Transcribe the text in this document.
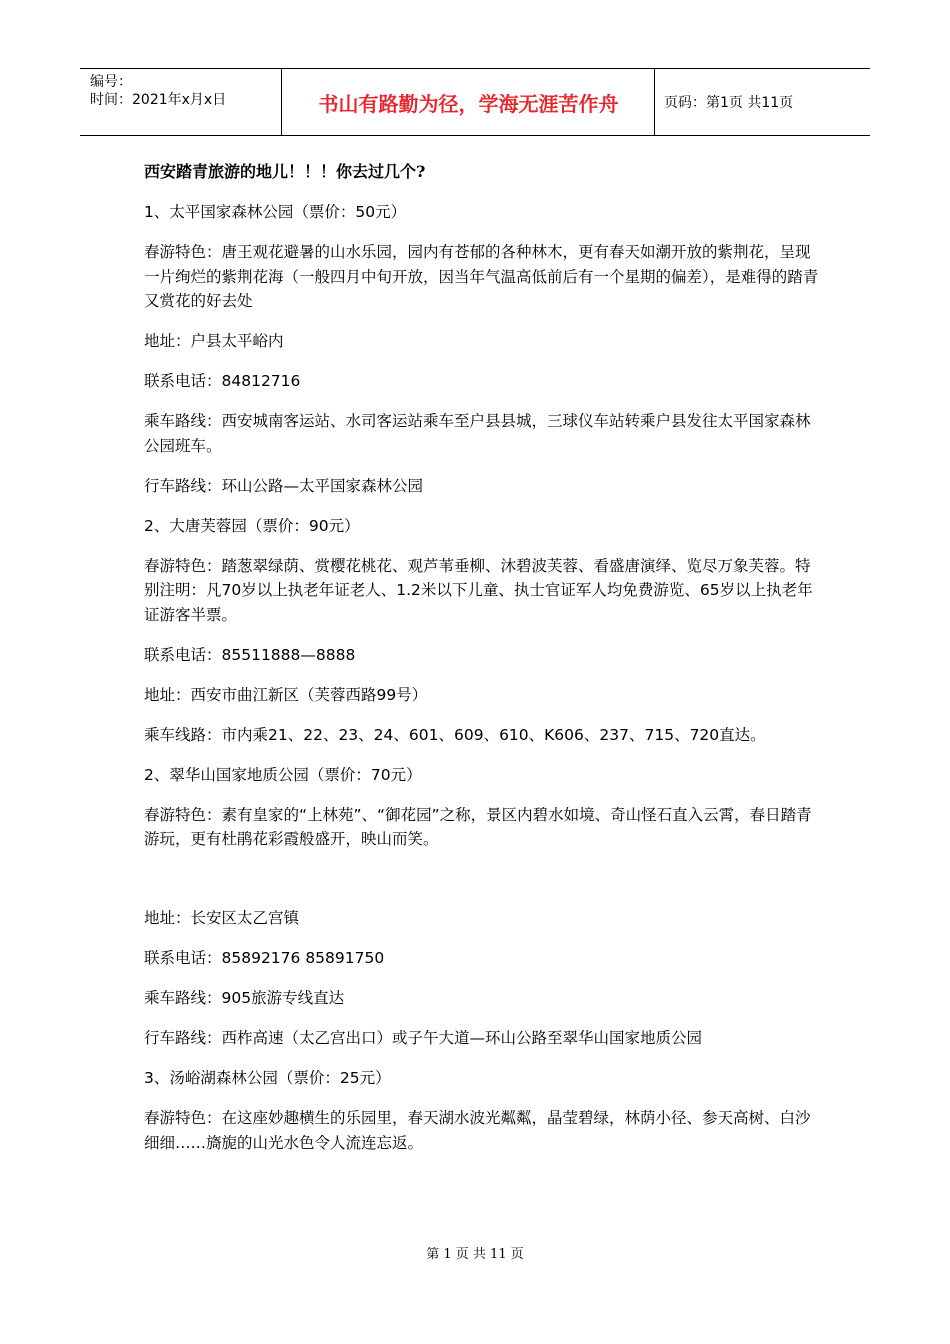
编号：
时间：2021年x月x日	书山有路勤为径，学海无涯苦作舟	页码：第1页 共11页
西安踏青旅游的地儿！！！你去过几个?
1、太平国家森林公园（票价：50元）
春游特色：唐王观花避暑的山水乐园，园内有苍郁的各种林木，更有春天如潮开放的紫荆花，呈现一片绚烂的紫荆花海（一般四月中旬开放，因当年气温高低前后有一个星期的偏差），是难得的踏青又赏花的好去处
地址：户县太平峪内
联系电话：84812716
乘车路线：西安城南客运站、水司客运站乘车至户县县城，三球仪车站转乘户县发往太平国家森林公园班车。
行车路线：环山公路—太平国家森林公园
2、大唐芙蓉园（票价：90元）
春游特色：踏葱翠绿荫、赏樱花桃花、观芦苇垂柳、沐碧波芙蓉、看盛唐演绎、览尽万象芙蓉。特别注明：凡70岁以上执老年证老人、1.2米以下儿童、执士官证军人均免费游览、65岁以上执老年证游客半票。
联系电话：85511888—8888
地址：西安市曲江新区（芙蓉西路99号）
乘车线路：市内乘21、22、23、24、601、609、610、K606、237、715、720直达。
2、翠华山国家地质公园（票价：70元）
春游特色：素有皇家的“上林苑”、“御花园”之称，景区内碧水如境、奇山怪石直入云霄，春日踏青游玩，更有杜鹃花彩霞般盛开，映山而笑。
地址：长安区太乙宫镇
联系电话：85892176 85891750
乘车路线：905旅游专线直达
行车路线：西柞高速（太乙宫出口）或子午大道—环山公路至翠华山国家地质公园
3、汤峪湖森林公园（票价：25元）
春游特色：在这座妙趣横生的乐园里，春天湖水波光粼粼，晶莹碧绿，林荫小径、参天高树、白沙细细……旖旎的山光水色令人流连忘返。
第 1 页 共 11 页
